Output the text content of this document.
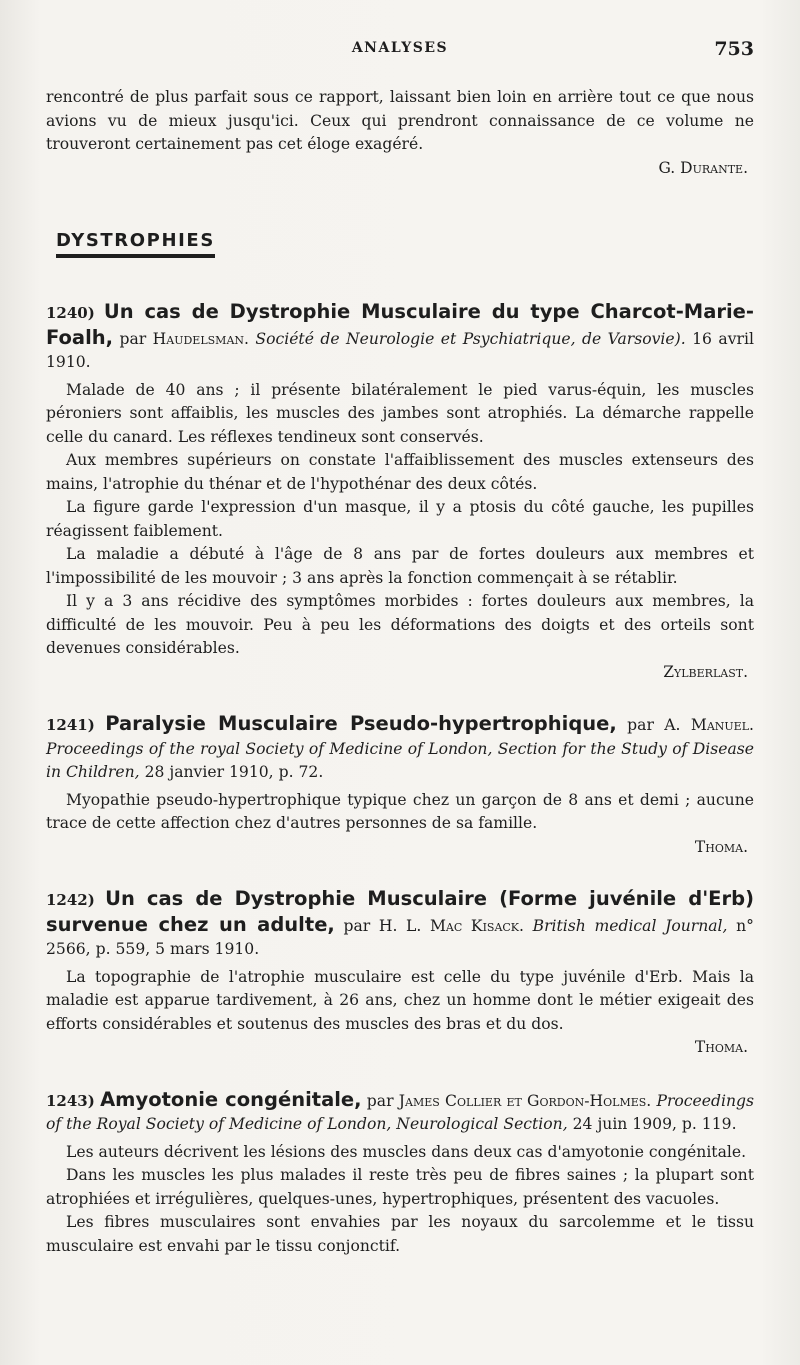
ANALYSES	753

rencontré de plus parfait sous ce rapport, laissant bien loin en arrière tout ce que nous avions vu de mieux jusqu'ici. Ceux qui prendront connaissance de ce volume ne trouveront certainement pas cet éloge exagéré.

G. Durante.
DYSTROPHIES
1240) Un cas de Dystrophie Musculaire du type Charcot-Marie-Foalh, par Haudelsman. Société de Neurologie et Psychiatrique, de Varsovie). 16 avril 1910.

Malade de 40 ans ; il présente bilatéralement le pied varus-équin, les muscles péroniers sont affaiblis, les muscles des jambes sont atrophiés. La démarche rappelle celle du canard. Les réflexes tendineux sont conservés.

Aux membres supérieurs on constate l'affaiblissement des muscles extenseurs des mains, l'atrophie du thénar et de l'hypothénar des deux côtés.

La figure garde l'expression d'un masque, il y a ptosis du côté gauche, les pupilles réagissent faiblement.

La maladie a débuté à l'âge de 8 ans par de fortes douleurs aux membres et l'impossibilité de les mouvoir ; 3 ans après la fonction commençait à se rétablir.

Il y a 3 ans récidive des symptômes morbides : fortes douleurs aux membres, la difficulté de les mouvoir. Peu à peu les déformations des doigts et des orteils sont devenues considérables.

Zylberlast.
1241) Paralysie Musculaire Pseudo-hypertrophique, par A. Manuel. Proceedings of the royal Society of Medicine of London, Section for the Study of Disease in Children, 28 janvier 1910, p. 72.

Myopathie pseudo-hypertrophique typique chez un garçon de 8 ans et demi ; aucune trace de cette affection chez d'autres personnes de sa famille.

Thoma.
1242) Un cas de Dystrophie Musculaire (Forme juvénile d'Erb) survenue chez un adulte, par H. L. Mac Kisack. British medical Journal, n° 2566, p. 559, 5 mars 1910.

La topographie de l'atrophie musculaire est celle du type juvénile d'Erb. Mais la maladie est apparue tardivement, à 26 ans, chez un homme dont le métier exigeait des efforts considérables et soutenus des muscles des bras et du dos.

Thoma.
1243) Amyotonie congénitale, par James Collier et Gordon-Holmes. Proceedings of the Royal Society of Medicine of London, Neurological Section, 24 juin 1909, p. 119.

Les auteurs décrivent les lésions des muscles dans deux cas d'amyotonie congénitale.

Dans les muscles les plus malades il reste très peu de fibres saines ; la plupart sont atrophiées et irrégulières, quelques-unes, hypertrophiques, présentent des vacuoles.

Les fibres musculaires sont envahies par les noyaux du sarcolemme et le tissu musculaire est envahi par le tissu conjonctif.
